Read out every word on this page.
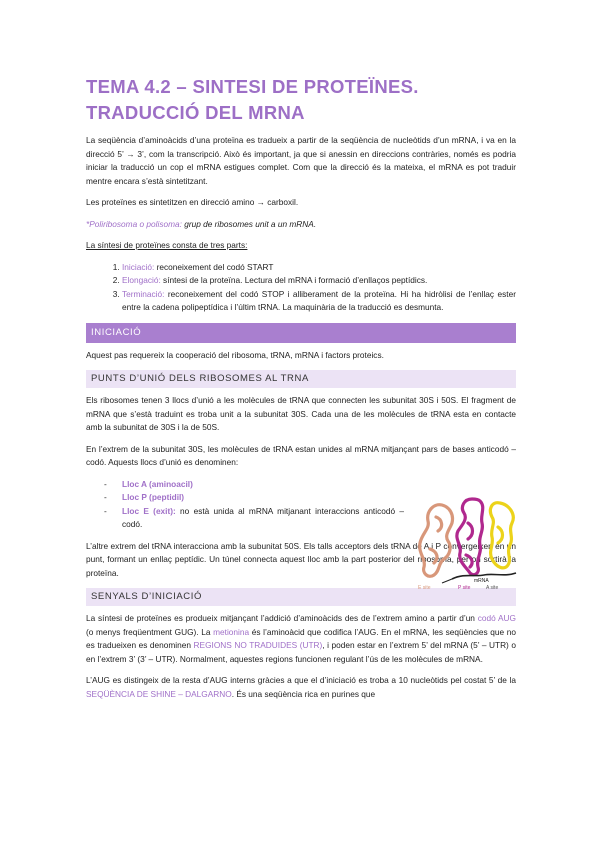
TEMA 4.2 – SINTESI DE PROTEÏNES.
TRADUCCIÓ DEL MRNA

La seqüència d’aminoàcids d’una proteïna es tradueix a partir de la seqüència de nucleòtids d’un mRNA, i va en la direcció 5’ → 3’, com la transcripció. Això és important, ja que si anessin en direccions contràries, només es podria iniciar la traducció un cop el mRNA estigues complet. Com que la direcció és la mateixa, el mRNA es pot traduir mentre encara s’està sintetitzant.

Les proteïnes es sintetitzen en direcció amino → carboxil.

*Poliribosoma o polisoma: grup de ribosomes unit a un mRNA.

La síntesi de proteïnes consta de tres parts:

1. Iniciació: reconeixement del codó START
2. Elongació: síntesi de la proteïna. Lectura del mRNA i formació d’enllaços peptídics.
3. Terminació: reconeixement del codó STOP i alliberament de la proteïna. Hi ha hidròlisi de l’enllaç ester entre la cadena polipeptídica i l’últim tRNA. La maquinària de la traducció es desmunta.
INICIACIÓ

Aquest pas requereix la cooperació del ribosoma, tRNA, mRNA i factors proteics.

PUNTS D’UNIÓ DELS RIBOSOMES AL TRNA

Els ribosomes tenen 3 llocs d’unió a les molècules de tRNA que connecten les subunitat 30S i 50S. El fragment de mRNA que s’està traduint es troba unit a la subunitat 30S. Cada una de les molècules de tRNA esta en contacte amb la subunitat de 30S i la de 50S.

En l’extrem de la subunitat 30S, les molècules de tRNA estan unides al mRNA mitjançant pars de bases anticodó – codó. Aquests llocs d’unió es denominen:

- Lloc A (aminoacil)
- Lloc P (peptidil)
- Lloc E (exit): no està unida al mRNA mitjanant interaccions anticodó – codó.

L’altre extrem del tRNA interacciona amb la subunitat 50S. Els talls acceptors dels tRNA de A i P convergeixen en un punt, formant un enllaç peptídic. Un túnel connecta aquest lloc amb la part posterior del ribosoma, per on sortirà la proteïna.

SENYALS D’INICIACIÓ

La síntesi de proteïnes es produeix mitjançant l’addició d’aminoàcids des de l’extrem amino a partir d’un codó AUG (o menys freqüentment GUG). La metionina és l’aminoàcid que codifica l’AUG. En el mRNA, les seqüències que no es tradueixen es denominen REGIONS NO TRADUIDES (UTR), i poden estar en l’extrem 5’ del mRNA (5’ – UTR) o en l’extrem 3’ (3’ – UTR). Normalment, aquestes regions funcionen regulant l’ús de les molècules de mRNA.

L’AUG es distingeix de la resta d’AUG interns gràcies a que el d’iniciació es troba a 10 nucleòtids pel costat 5’ de la SEQÜÈNCIA DE SHINE – DALGARNO. És una seqüència rica en purines que

E site	P site	A site
mRNA
